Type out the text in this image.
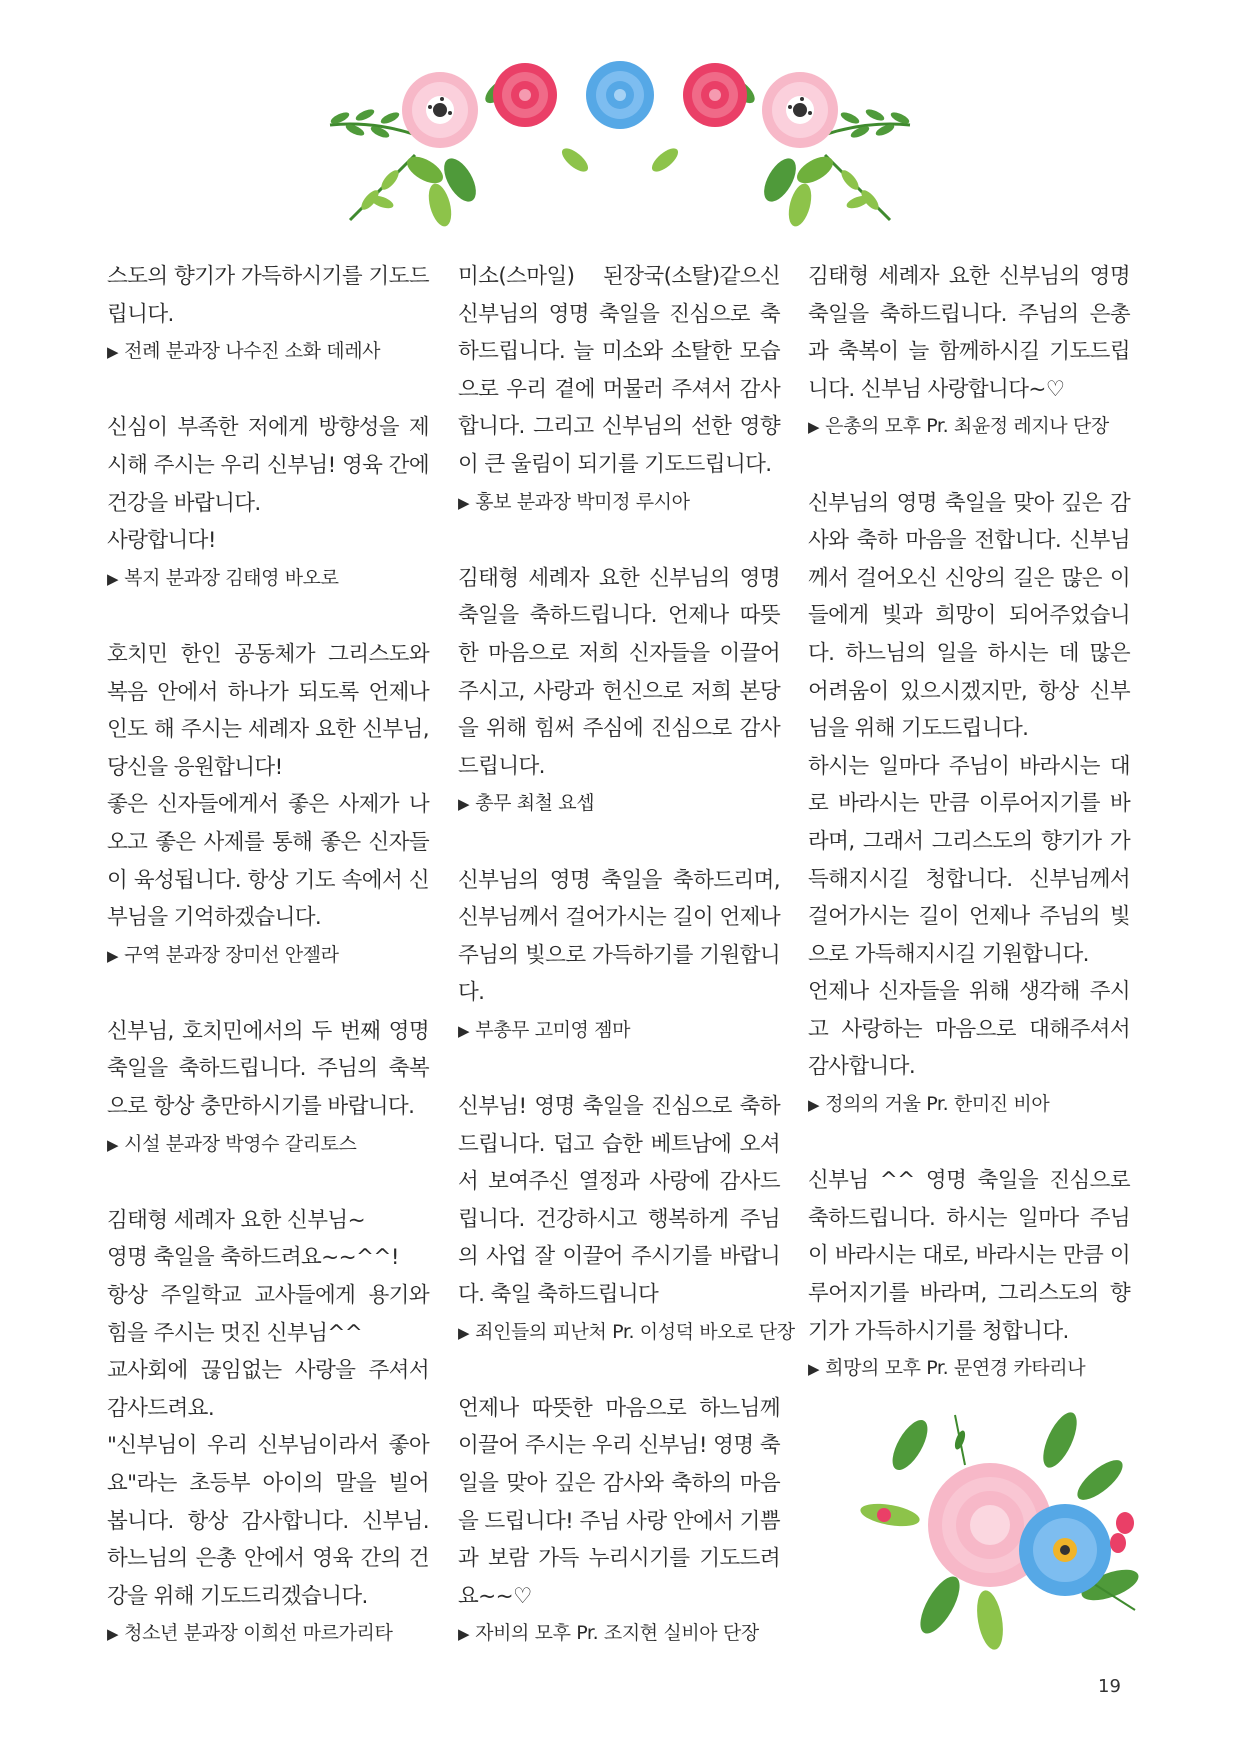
스도의 향기가 가득하시기를 기도드립니다.

▶ 전례 분과장 나수진 소화 데레사

신심이 부족한 저에게 방향성을 제시해 주시는 우리 신부님! 영육 간에 건강을 바랍니다.
사랑합니다!

▶ 복지 분과장 김태영 바오로

호치민 한인 공동체가 그리스도와 복음 안에서 하나가 되도록 언제나 인도 해 주시는 세례자 요한 신부님, 당신을 응원합니다!
좋은 신자들에게서 좋은 사제가 나오고 좋은 사제를 통해 좋은 신자들이 육성됩니다. 항상 기도 속에서 신부님을 기억하겠습니다.

▶ 구역 분과장 장미선 안젤라

신부님, 호치민에서의 두 번째 영명 축일을 축하드립니다. 주님의 축복으로 항상 충만하시기를 바랍니다.

▶ 시설 분과장 박영수 갈리토스

김태형 세례자 요한 신부님~
영명 축일을 축하드려요~~^^!
항상 주일학교 교사들에게 용기와 힘을 주시는 멋진 신부님^^
교사회에 끊임없는 사랑을 주셔서 감사드려요.
"신부님이 우리 신부님이라서 좋아요"라는 초등부 아이의 말을 빌어 봅니다. 항상 감사합니다. 신부님. 하느님의 은총 안에서 영육 간의 건강을 위해 기도드리겠습니다.

▶ 청소년 분과장 이희선 마르가리타

미소(스마일) 된장국(소탈)같으신 신부님의 영명 축일을 진심으로 축하드립니다. 늘 미소와 소탈한 모습으로 우리 곁에 머물러 주셔서 감사합니다. 그리고 신부님의 선한 영향이 큰 울림이 되기를 기도드립니다.

▶ 홍보 분과장 박미정 루시아

김태형 세례자 요한 신부님의 영명 축일을 축하드립니다. 언제나 따뜻한 마음으로 저희 신자들을 이끌어 주시고, 사랑과 헌신으로 저희 본당을 위해 힘써 주심에 진심으로 감사드립니다.

▶ 총무 최철 요셉

신부님의 영명 축일을 축하드리며, 신부님께서 걸어가시는 길이 언제나 주님의 빛으로 가득하기를 기원합니다.

▶ 부총무 고미영 젬마

신부님! 영명 축일을 진심으로 축하드립니다. 덥고 습한 베트남에 오셔서 보여주신 열정과 사랑에 감사드립니다. 건강하시고 행복하게 주님의 사업 잘 이끌어 주시기를 바랍니다. 축일 축하드립니다

▶ 죄인들의 피난처 Pr. 이성덕 바오로 단장

언제나 따뜻한 마음으로 하느님께 이끌어 주시는 우리 신부님! 영명 축일을 맞아 깊은 감사와 축하의 마음을 드립니다! 주님 사랑 안에서 기쁨과 보람 가득 누리시기를 기도드려요~~♡

▶ 자비의 모후 Pr. 조지현 실비아 단장

김태형 세례자 요한 신부님의 영명 축일을 축하드립니다. 주님의 은총과 축복이 늘 함께하시길 기도드립니다. 신부님 사랑합니다~♡

▶ 은총의 모후 Pr. 최윤정 레지나 단장

신부님의 영명 축일을 맞아 깊은 감사와 축하 마음을 전합니다. 신부님께서 걸어오신 신앙의 길은 많은 이들에게 빛과 희망이 되어주었습니다. 하느님의 일을 하시는 데 많은 어려움이 있으시겠지만, 항상 신부님을 위해 기도드립니다.
하시는 일마다 주님이 바라시는 대로 바라시는 만큼 이루어지기를 바라며, 그래서 그리스도의 향기가 가득해지시길 청합니다. 신부님께서 걸어가시는 길이 언제나 주님의 빛으로 가득해지시길 기원합니다.
언제나 신자들을 위해 생각해 주시고 사랑하는 마음으로 대해주셔서 감사합니다.

▶ 정의의 거울 Pr. 한미진 비아

신부님 ^^ 영명 축일을 진심으로 축하드립니다. 하시는 일마다 주님이 바라시는 대로, 바라시는 만큼 이루어지기를 바라며, 그리스도의 향기가 가득하시기를 청합니다.

▶ 희망의 모후 Pr. 문연경 카타리나
19
